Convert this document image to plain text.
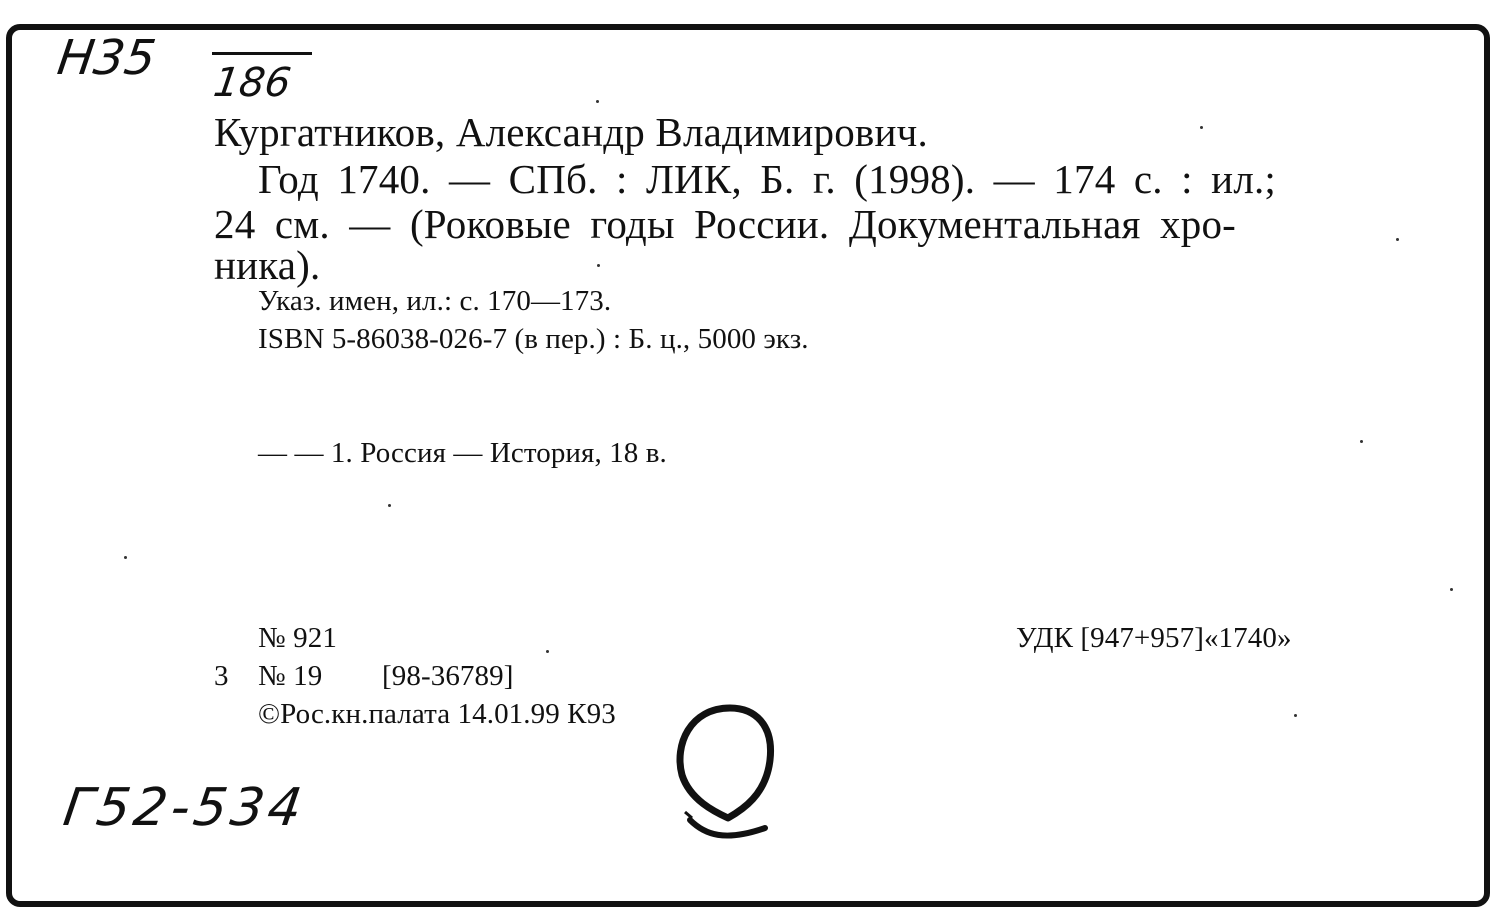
Н35 186
Кургатников, Александр Владимирович.
Год 1740. — СПб. : ЛИК, Б. г. (1998). — 174 с. : ил.;
24 см. — (Роковые годы России. Документальная хро-
ника).
Указ. имен, ил.: с. 170—173.
ISBN 5-86038-026-7 (в пер.) : Б. ц., 5000 экз.
— — 1. Россия — История, 18 в.
№ 921	УДК [947+957]«1740»
3 № 19 [98-36789]
©Рос.кн.палата 14.01.99 К93
Г52-534
